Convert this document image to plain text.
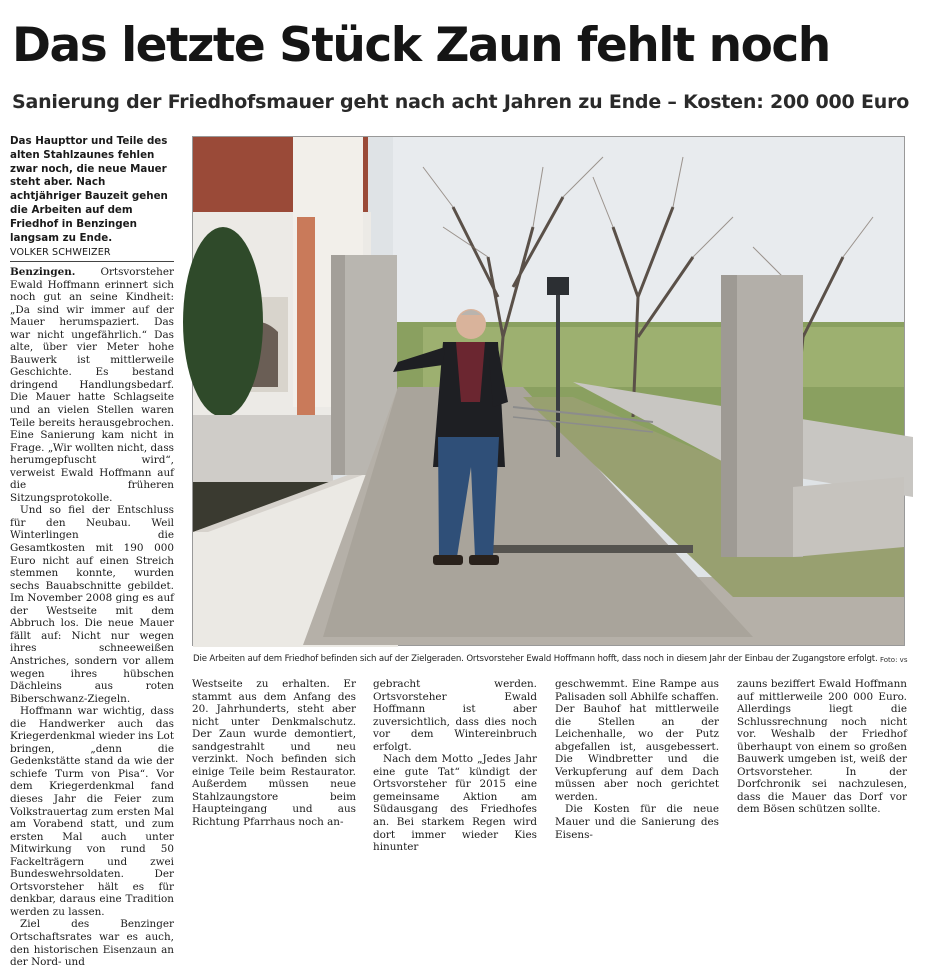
Das letzte Stück Zaun fehlt noch
Sanierung der Friedhofsmauer geht nach acht Jahren zu Ende – Kosten: 200 000 Euro

Das Haupttor und Teile des alten Stahlzaunes fehlen zwar noch, die neue Mauer steht aber. Nach achtjähriger Bauzeit gehen die Arbeiten auf dem Friedhof in Benzingen langsam zu Ende.

VOLKER SCHWEIZER

Benzingen. Ortsvorsteher Ewald Hoffmann erinnert sich noch gut an seine Kindheit: „Da sind wir immer auf der Mauer herumspaziert. Das war nicht ungefährlich.“ Das alte, über vier Meter hohe Bauwerk ist mittlerweile Geschichte. Es bestand dringend Handlungsbedarf. Die Mauer hatte Schlagseite und an vielen Stellen waren Teile bereits herausgebrochen. Eine Sanierung kam nicht in Frage. „Wir wollten nicht, dass herumgepfuscht wird“, verweist Ewald Hoffmann auf die früheren Sitzungsprotokolle.

Und so fiel der Entschluss für den Neubau. Weil Winterlingen die Gesamtkosten mit 190 000 Euro nicht auf einen Streich stemmen konnte, wurden sechs Bauabschnitte gebildet. Im November 2008 ging es auf der Westseite mit dem Abbruch los. Die neue Mauer fällt auf: Nicht nur wegen ihres schneeweißen Anstriches, sondern vor allem wegen ihres hübschen Dächleins aus roten Biberschwanz-Ziegeln.

Hoffmann war wichtig, dass die Handwerker auch das Kriegerdenkmal wieder ins Lot bringen, „denn die Gedenkstätte stand da wie der schiefe Turm von Pisa“. Vor dem Kriegerdenkmal fand dieses Jahr die Feier zum Volkstrauertag zum ersten Mal am Vorabend statt, und zum ersten Mal auch unter Mitwirkung von rund 50 Fackelträgern und zwei Bundeswehrsoldaten. Der Ortsvorsteher hält es für denkbar, daraus eine Tradition werden zu lassen.

Ziel des Benzinger Ortschaftsrates war es auch, den historischen Eisenzaun an der Nord- und

Die Arbeiten auf dem Friedhof befinden sich auf der Zielgeraden. Ortsvorsteher Ewald Hoffmann hofft, dass noch in diesem Jahr der Einbau der Zugangstore erfolgt. Foto: vs

Westseite zu erhalten. Er stammt aus dem Anfang des 20. Jahrhunderts, steht aber nicht unter Denkmalschutz. Der Zaun wurde demontiert, sandgestrahlt und neu verzinkt. Noch befinden sich einige Teile beim Restaurator. Außerdem müssen neue Stahlzaungstore beim Haupteingang und aus Richtung Pfarrhaus noch an-

gebracht werden. Ortsvorsteher Ewald Hoffmann ist aber zuversichtlich, dass dies noch vor dem Wintereinbruch erfolgt.

Nach dem Motto „Jedes Jahr eine gute Tat“ kündigt der Ortsvorsteher für 2015 eine gemeinsame Aktion am Südausgang des Friedhofes an. Bei starkem Regen wird dort immer wieder Kies hinunter

geschwemmt. Eine Rampe aus Palisaden soll Abhilfe schaffen. Der Bauhof hat mittlerweile die Stellen an der Leichenhalle, wo der Putz abgefallen ist, ausgebessert. Die Windbretter und die Verkupferung auf dem Dach müssen aber noch gerichtet werden.

Die Kosten für die neue Mauer und die Sanierung des Eisens-

zauns beziffert Ewald Hoffmann auf mittlerweile 200 000 Euro. Allerdings liegt die Schlussrechnung noch nicht vor. Weshalb der Friedhof überhaupt von einem so großen Bauwerk umgeben ist, weiß der Ortsvorsteher. In der Dorfchronik sei nachzulesen, dass die Mauer das Dorf vor dem Bösen schützen sollte.
